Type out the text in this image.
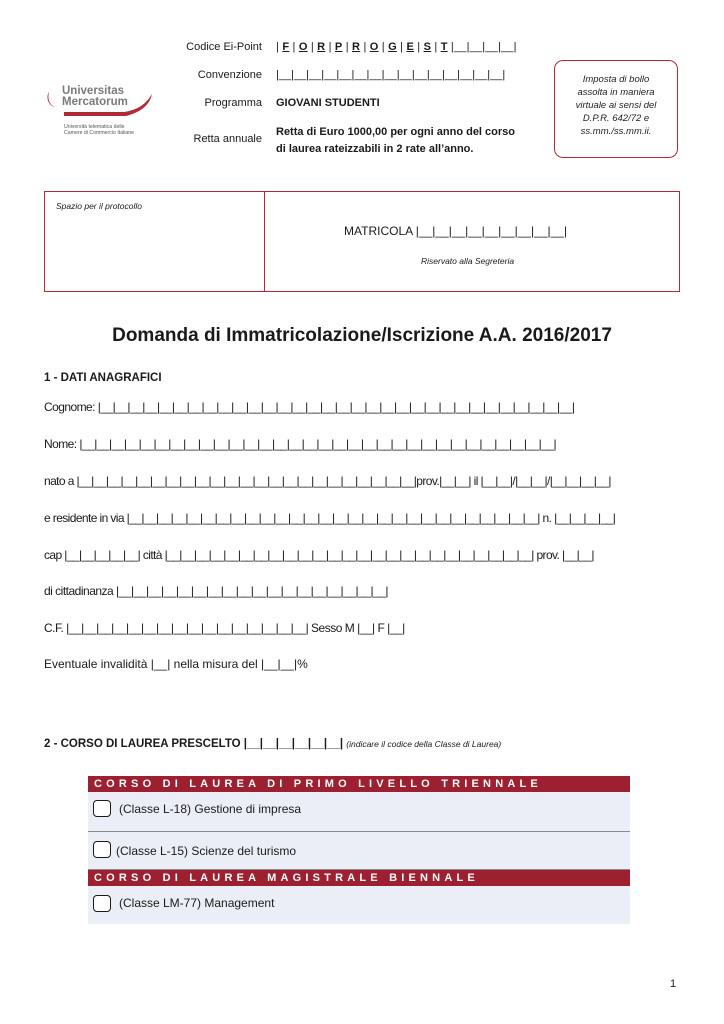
Universitas
Mercatorum
Università telematica delle
Camere di Commercio Italiane
Codice Ei-Point | F | O | R | P | R | O | G | E | S | T |__|__|__|__|
Convenzione |__|__|__|__|__|__|__|__|__|__|__|__|__|__|__|
Programma GIOVANI STUDENTI
Retta annuale
Retta di Euro 1000,00 per ogni anno del corso
di laurea rateizzabili in 2 rate all’anno.
Imposta di bollo
assolta in maniera
virtuale ai sensi del
D.P.R. 642/72 e
ss.mm./ss.mm.ii.
Spazio per il protocollo
MATRICOLA |__|__|__|__|__|__|__|__|__|
Riservato alla Segreteria
Domanda di Immatricolazione/Iscrizione A.A. 2016/2017
1 - DATI ANAGRAFICI
Cognome: |__|__|__|__|__|__|__|__|__|__|__|__|__|__|__|__|__|__|__|__|__|__|__|__|__|__|__|__|__|__|__|__|
Nome: |__|__|__|__|__|__|__|__|__|__|__|__|__|__|__|__|__|__|__|__|__|__|__|__|__|__|__|__|__|__|__|__|
nato a |__|__|__|__|__|__|__|__|__|__|__|__|__|__|__|__|__|__|__|__|__|__|__|prov.|__|__| il |__|__|/|__|__|/|__|__|__|__|
e residente in via |__|__|__|__|__|__|__|__|__|__|__|__|__|__|__|__|__|__|__|__|__|__|__|__|__|__|__|__| n. |__|__|__|__|
cap |__|__|__|__|__| città |__|__|__|__|__|__|__|__|__|__|__|__|__|__|__|__|__|__|__|__|__|__|__|__|__| prov. |__|__|
di cittadinanza |__|__|__|__|__|__|__|__|__|__|__|__|__|__|__|__|__|__|
C.F. |__|__|__|__|__|__|__|__|__|__|__|__|__|__|__|__| Sesso M |__| F |__|
Eventuale invalidità |__| nella misura del |__|__|%
2 - CORSO DI LAUREA PRESCELTO |__|__|__|__|__|__| (indicare il codice della Classe di Laurea)
CORSO DI LAUREA DI PRIMO LIVELLO TRIENNALE
(Classe L-18) Gestione di impresa
(Classe L-15) Scienze del turismo
CORSO DI LAUREA MAGISTRALE BIENNALE
(Classe LM-77) Management
1
